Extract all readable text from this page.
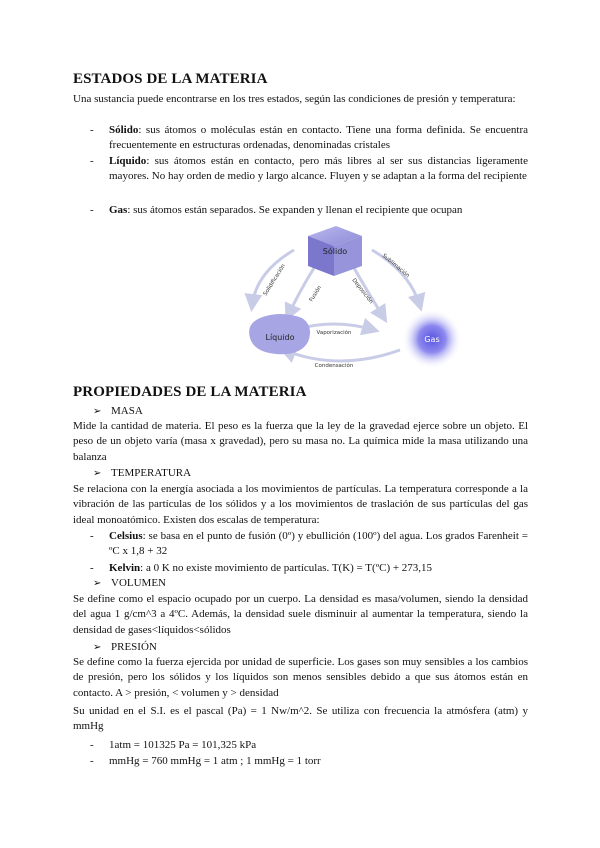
ESTADOS DE LA MATERIA

Una sustancia puede encontrarse en los tres estados, según las condiciones de presión y temperatura:

- Sólido: sus átomos o moléculas están en contacto. Tiene una forma definida. Se encuentra frecuentemente en estructuras ordenadas, denominadas cristales
- Líquido: sus átomos están en contacto, pero más libres al ser sus distancias ligeramente mayores. No hay orden de medio y largo alcance. Fluyen y se adaptan a la forma del recipiente
- Gas: sus átomos están separados. Se expanden y llenan el recipiente que ocupan
Sólido
Líquido	Gas
Solidificación	Sublimación
Fusión	Deposición
Vaporización
Condensación
PROPIEDADES DE LA MATERIA
➢ MASA

Mide la cantidad de materia. El peso es la fuerza que la ley de la gravedad ejerce sobre un objeto. El peso de un objeto varía (masa x gravedad), pero su masa no. La química mide la masa utilizando una balanza

➢ TEMPERATURA

Se relaciona con la energía asociada a los movimientos de partículas. La temperatura corresponde a la vibración de las partículas de los sólidos y a los movimientos de traslación de sus partículas del gas ideal monoatómico. Existen dos escalas de temperatura:

- Celsius: se basa en el punto de fusión (0º) y ebullición (100º) del agua. Los grados Farenheit = ºC x 1,8 + 32
- Kelvin: a 0 K no existe movimiento de partículas. T(K) = T(ºC) + 273,15
➢ VOLUMEN

Se define como el espacio ocupado por un cuerpo. La densidad es masa/volumen, siendo la densidad del agua 1 g/cm^3 a 4ºC. Además, la densidad suele disminuir al aumentar la temperatura, siendo la densidad de gases<líquidos<sólidos

➢ PRESIÓN

Se define como la fuerza ejercida por unidad de superficie. Los gases son muy sensibles a los cambios de presión, pero los sólidos y los líquidos son menos sensibles debido a que sus átomos están en contacto. A > presión, < volumen y > densidad

Su unidad en el S.I. es el pascal (Pa) = 1 Nw/m^2. Se utiliza con frecuencia la atmósfera (atm) y mmHg

- 1atm = 101325 Pa = 101,325 kPa
- mmHg = 760 mmHg = 1 atm ; 1 mmHg = 1 torr
